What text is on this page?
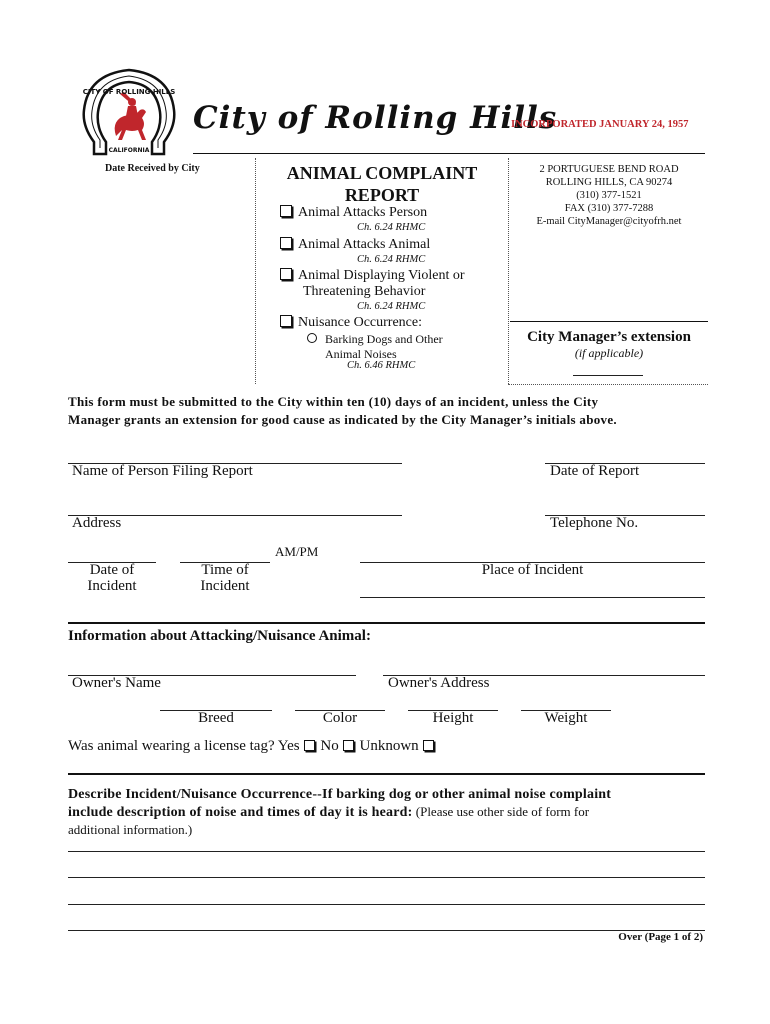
CITY OF ROLLING HILLS
CALIFORNIA
City of Rolling Hills
INCORPORATED JANUARY 24, 1957
Date Received by City	ANIMAL COMPLAINT
REPORT
Animal Attacks Person
Ch. 6.24 RHMC
Animal Attacks Animal
Ch. 6.24 RHMC
Animal Displaying Violent or
Threatening Behavior
Ch. 6.24 RHMC
Nuisance Occurrence:
Barking Dogs and Other
Animal Noises
Ch. 6.46 RHMC
2 PORTUGUESE BEND ROAD
ROLLING HILLS, CA 90274
(310) 377-1521
FAX (310) 377-7288
E-mail CityManager@cityofrh.net
City Manager’s extension
(if applicable)
This form must be submitted to the City within ten (10) days of an incident, unless the City
Manager grants an extension for good cause as indicated by the City Manager’s initials above.
Name of Person Filing Report	Date of Report
Address	Telephone No.
AM/PM
Date of
Incident
Time of
Incident
Place of Incident
Information about Attacking/Nuisance Animal:
Owner's Name	Owner's Address
Breed	Color	Height	Weight
Was animal wearing a license tag? Yes No Unknown
Describe Incident/Nuisance Occurrence--If barking dog or other animal noise complaint
include description of noise and times of day it is heard: (Please use other side of form for
additional information.)
Over (Page 1 of 2)
